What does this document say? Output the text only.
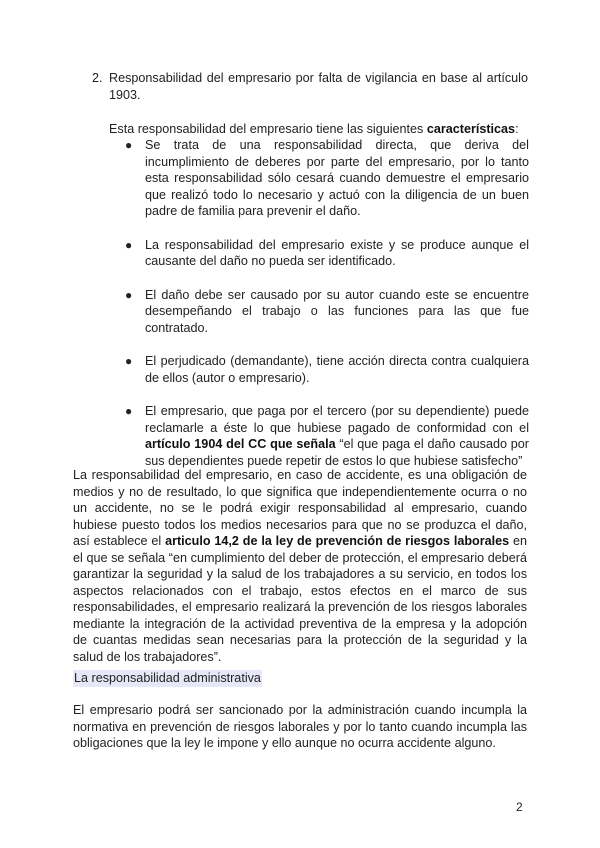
2. Responsabilidad del empresario por falta de vigilancia en base al artículo 1903.
Esta responsabilidad del empresario tiene las siguientes características:
● Se trata de una responsabilidad directa, que deriva del incumplimiento de deberes por parte del empresario, por lo tanto esta responsabilidad sólo cesará cuando demuestre el empresario que realizó todo lo necesario y actuó con la diligencia de un buen padre de familia para prevenir el daño.
● La responsabilidad del empresario existe y se produce aunque el causante del daño no pueda ser identificado.
● El daño debe ser causado por su autor cuando este se encuentre desempeñando el trabajo o las funciones para las que fue contratado.
● El perjudicado (demandante), tiene acción directa contra cualquiera de ellos (autor o empresario).
● El empresario, que paga por el tercero (por su dependiente) puede reclamarle a éste lo que hubiese pagado de conformidad con el artículo 1904 del CC que señala “el que paga el daño causado por sus dependientes puede repetir de estos lo que hubiese satisfecho”
La responsabilidad del empresario, en caso de accidente, es una obligación de medios y no de resultado, lo que significa que independientemente ocurra o no un accidente, no se le podrá exigir responsabilidad al empresario, cuando hubiese puesto todos los medios necesarios para que no se produzca el daño, así establece el articulo 14,2 de la ley de prevención de riesgos laborales en el que se señala “en cumplimiento del deber de protección, el empresario deberá garantizar la seguridad y la salud de los trabajadores a su servicio, en todos los aspectos relacionados con el trabajo, estos efectos en el marco de sus responsabilidades, el empresario realizará la prevención de los riesgos laborales mediante la integración de la actividad preventiva de la empresa y la adopción de cuantas medidas sean necesarias para la protección de la seguridad y la salud de los trabajadores”.
La responsabilidad administrativa
El empresario podrá ser sancionado por la administración cuando incumpla la normativa en prevención de riesgos laborales y por lo tanto cuando incumpla las obligaciones que la ley le impone y ello aunque no ocurra accidente alguno.
2
